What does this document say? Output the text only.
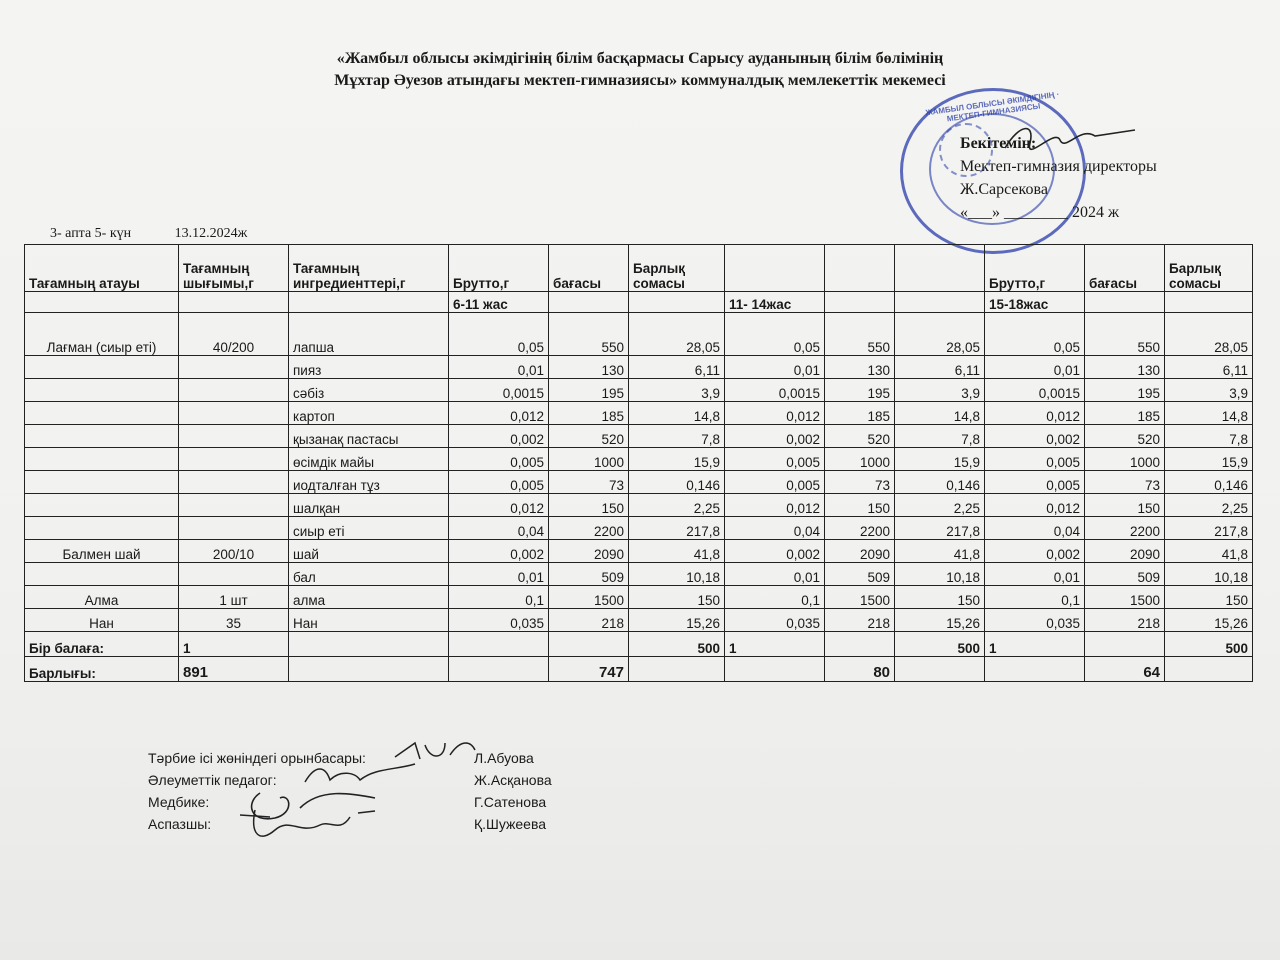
«Жамбыл облысы әкімдігінің білім басқармасы Сарысу ауданының білім бөлімінің
Мұхтар Әуезов атындағы мектеп-гимназиясы» коммуналдық мемлекеттік мекемесі
ЖАМБЫЛ ОБЛЫСЫ ӘКІМДІГІНІҢ · МЕКТЕП-ГИМНАЗИЯСЫ
Бекітемін:
Мектеп-гимназия директоры
Ж.Сарсекова
«___» ________ 2024 ж
3- апта 5- күн	13.12.2024ж
Тағамның атауы	Тағамның шығымы,г	Тағамның ингредиенттері,г	Брутто,г	бағасы	Барлық сомасы				Брутто,г	бағасы	Барлық сомасы
			6-11 жас			11- 14жас			15-18жас		
Лағман (сиыр еті)	40/200	лапша	0,05	550	28,05	0,05	550	28,05	0,05	550	28,05
		пияз	0,01	130	6,11	0,01	130	6,11	0,01	130	6,11
		сәбіз	0,0015	195	3,9	0,0015	195	3,9	0,0015	195	3,9
		картоп	0,012	185	14,8	0,012	185	14,8	0,012	185	14,8
		қызанақ пастасы	0,002	520	7,8	0,002	520	7,8	0,002	520	7,8
		өсімдік майы	0,005	1000	15,9	0,005	1000	15,9	0,005	1000	15,9
		иодталған тұз	0,005	73	0,146	0,005	73	0,146	0,005	73	0,146
		шалқан	0,012	150	2,25	0,012	150	2,25	0,012	150	2,25
		сиыр еті	0,04	2200	217,8	0,04	2200	217,8	0,04	2200	217,8
Балмен шай	200/10	шай	0,002	2090	41,8	0,002	2090	41,8	0,002	2090	41,8
		бал	0,01	509	10,18	0,01	509	10,18	0,01	509	10,18
Алма	1 шт	алма	0,1	1500	150	0,1	1500	150	0,1	1500	150
Нан	35	Нан	0,035	218	15,26	0,035	218	15,26	0,035	218	15,26
Бір балаға:	1				500	1		500	1		500
Барлығы:	891			747			80			64	
Тәрбие ісі жөніндегі орынбасары:	Л.Абуова
Әлеуметтік педагог:	Ж.Асқанова
Медбике:	Г.Сатенова
Аспазшы:	Қ.Шужеева
